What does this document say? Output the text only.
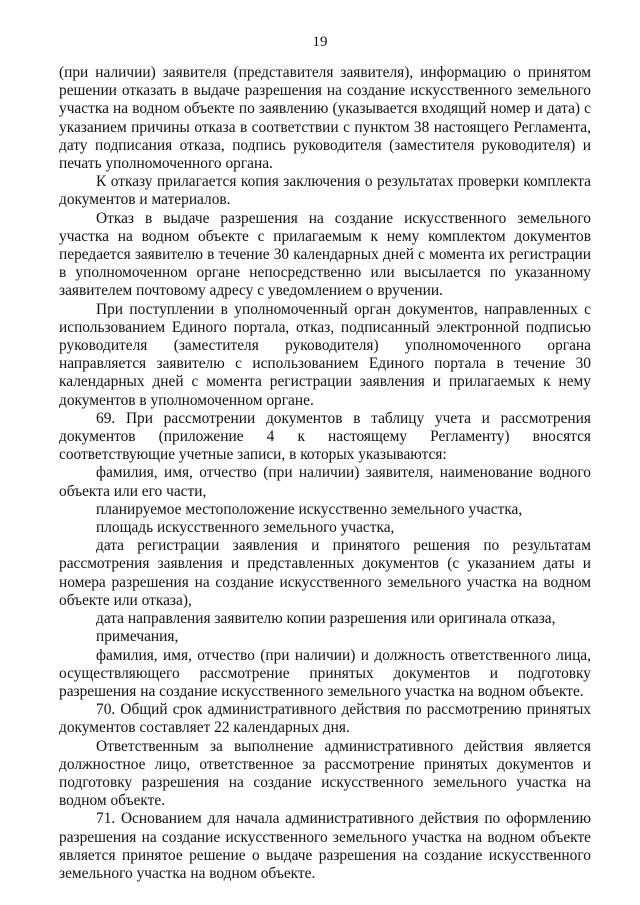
19

(при наличии) заявителя (представителя заявителя), информацию о принятом решении отказать в выдаче разрешения на создание искусственного земельного участка на водном объекте по заявлению (указывается входящий номер и дата) с указанием причины отказа в соответствии с пунктом 38 настоящего Регламента, дату подписания отказа, подпись руководителя (заместителя руководителя) и печать уполномоченного органа.

К отказу прилагается копия заключения о результатах проверки комплекта документов и материалов.

Отказ в выдаче разрешения на создание искусственного земельного участка на водном объекте с прилагаемым к нему комплектом документов передается заявителю в течение 30 календарных дней с момента их регистрации в уполномоченном органе непосредственно или высылается по указанному заявителем почтовому адресу с уведомлением о вручении.

При поступлении в уполномоченный орган документов, направленных с использованием Единого портала, отказ, подписанный электронной подписью руководителя (заместителя руководителя) уполномоченного органа направляется заявителю с использованием Единого портала в течение 30 календарных дней с момента регистрации заявления и прилагаемых к нему документов в уполномоченном органе.

69. При рассмотрении документов в таблицу учета и рассмотрения документов (приложение 4 к настоящему Регламенту) вносятся соответствующие учетные записи, в которых указываются:

фамилия, имя, отчество (при наличии) заявителя, наименование водного объекта или его части,

планируемое местоположение искусственно земельного участка,

площадь искусственного земельного участка,

дата регистрации заявления и принятого решения по результатам рассмотрения заявления и представленных документов (с указанием даты и номера разрешения на создание искусственного земельного участка на водном объекте или отказа),

дата направления заявителю копии разрешения или оригинала отказа,

примечания,

фамилия, имя, отчество (при наличии) и должность ответственного лица, осуществляющего рассмотрение принятых документов и подготовку разрешения на создание искусственного земельного участка на водном объекте.

70. Общий срок административного действия по рассмотрению принятых документов составляет 22 календарных дня.

Ответственным за выполнение административного действия является должностное лицо, ответственное за рассмотрение принятых документов и подготовку разрешения на создание искусственного земельного участка на водном объекте.

71. Основанием для начала административного действия по оформлению разрешения на создание искусственного земельного участка на водном объекте является принятое решение о выдаче разрешения на создание искусственного земельного участка на водном объекте.
